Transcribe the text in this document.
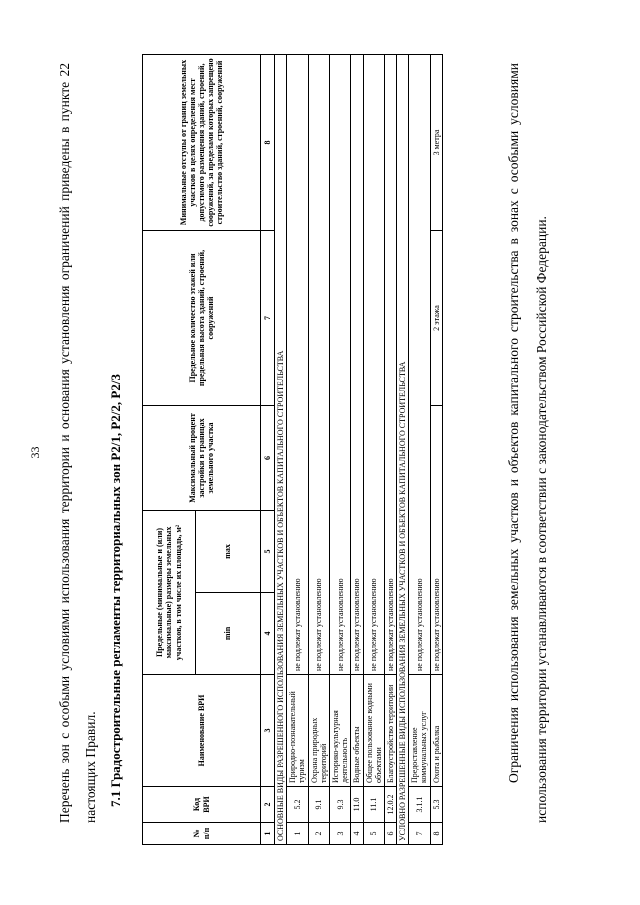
33	Перечень зон с особыми условиями использования территории и основания установления ограничений приведены в пункте 22 настоящих Правил. 7.1 Градостроительные регламенты территориальных зон Р2/1, Р2/2, Р2/3
№ п/п	Код ВРИ	Наименование ВРИ	Предельные (минимальные и (или) максимальные) размеры земельных участков, в том числе их площадь, м²		Максимальный процент застройки в границах земельного участка	Предельное количество этажей или предельная высота зданий, строений, сооружений	Минимальные отступы от границ земельных участков в целях определения мест допустимого размещения зданий, строений, сооружений, за пределами которых запрещено строительство зданий, строений, сооружений
			min	max			
1	2	3	4	5	6	7	8
ОСНОВНЫЕ ВИДЫ РАЗРЕШЕННОГО ИСПОЛЬЗОВАНИЯ ЗЕМЕЛЬНЫХ УЧАСТКОВ И ОБЪЕКТОВ КАПИТАЛЬНОГО СТРОИТЕЛЬСТВА							
1	5.2	Природно-познавательный туризм	не подлежат установлению				
2	9.1	Охрана природных территорий	не подлежат установлению				
3	9.3	Историко-культурная деятельность	не подлежат установлению				
4	11.0	Водные объекты	не подлежат установлению				
5	11.1	Общее пользование водными объектами	не подлежат установлению				
6	12.0.2	Благоустройство территории	не подлежат установлению				
УСЛОВНО РАЗРЕШЕННЫЕ ВИДЫ ИСПОЛЬЗОВАНИЯ ЗЕМЕЛЬНЫХ УЧАСТКОВ И ОБЪЕКТОВ КАПИТАЛЬНОГО СТРОИТЕЛЬСТВА							
7	3.1.1	Предоставление коммунальных услуг	не подлежат установлению				
8	5.3	Охота и рыбалка	не подлежат установлению			2 этажа	3 метра	Ограничения использования земельных участков и объектов капитального строительства в зонах с особыми условиями использования территории устанавливаются в соответствии с законодательством Российской Федерации.
